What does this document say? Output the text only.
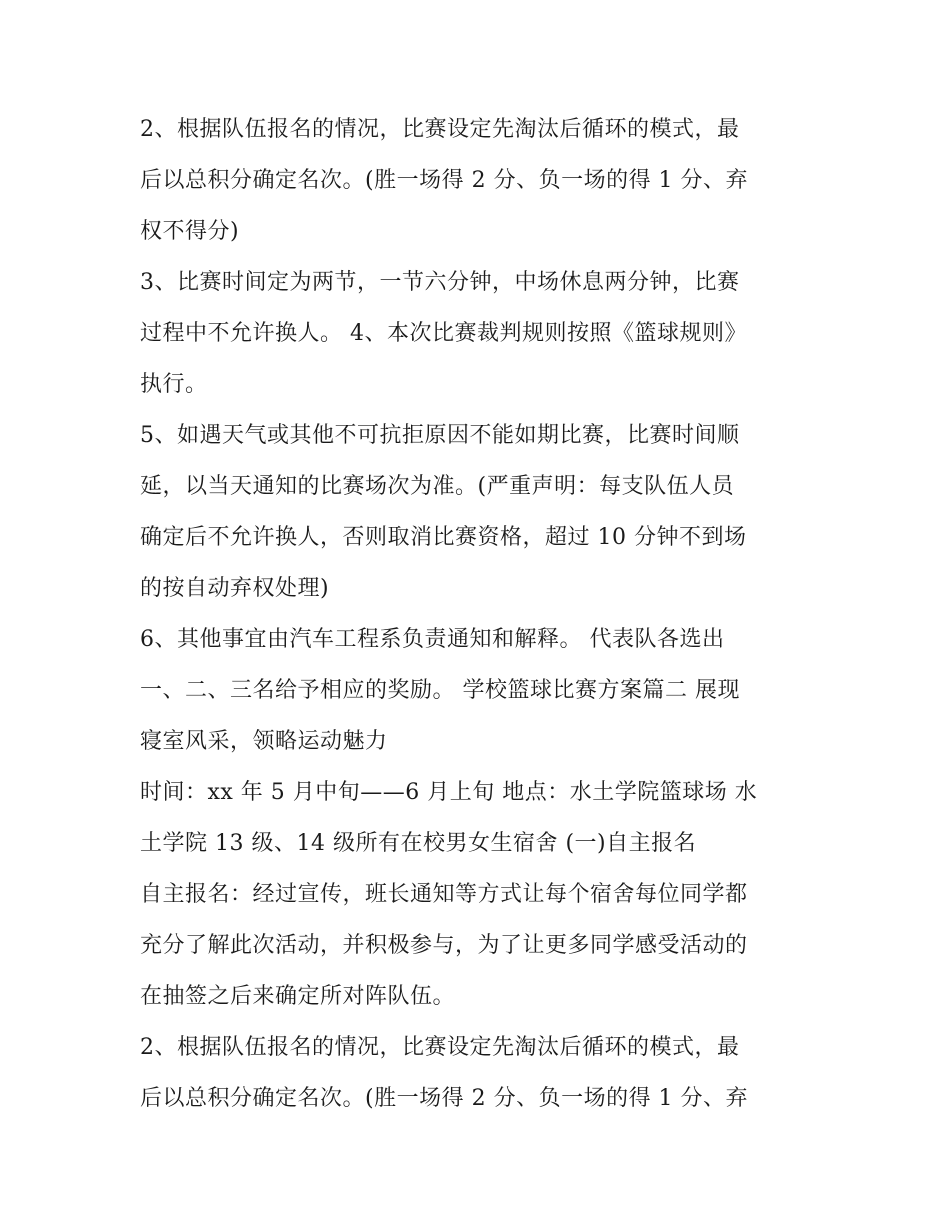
2、根据队伍报名的情况，比赛设定先淘汰后循环的模式，最
后以总积分确定名次。(胜一场得 2 分、负一场的得 1 分、弃
权不得分)

3、比赛时间定为两节，一节六分钟，中场休息两分钟，比赛
过程中不允许换人。 4、本次比赛裁判规则按照《篮球规则》
执行。

5、如遇天气或其他不可抗拒原因不能如期比赛，比赛时间顺
延，以当天通知的比赛场次为准。(严重声明：每支队伍人员
确定后不允许换人，否则取消比赛资格，超过 10 分钟不到场
的按自动弃权处理)

6、其他事宜由汽车工程系负责通知和解释。 代表队各选出
一、二、三名给予相应的奖励。 学校篮球比赛方案篇二 展现
寝室风采，领略运动魅力

时间：xx 年 5 月中旬——6 月上旬 地点：水土学院篮球场 水
土学院 13 级、14 级所有在校男女生宿舍 (一)自主报名

自主报名：经过宣传，班长通知等方式让每个宿舍每位同学都
充分了解此次活动，并积极参与，为了让更多同学感受活动的
在抽签之后来确定所对阵队伍。

2、根据队伍报名的情况，比赛设定先淘汰后循环的模式，最
后以总积分确定名次。(胜一场得 2 分、负一场的得 1 分、弃
